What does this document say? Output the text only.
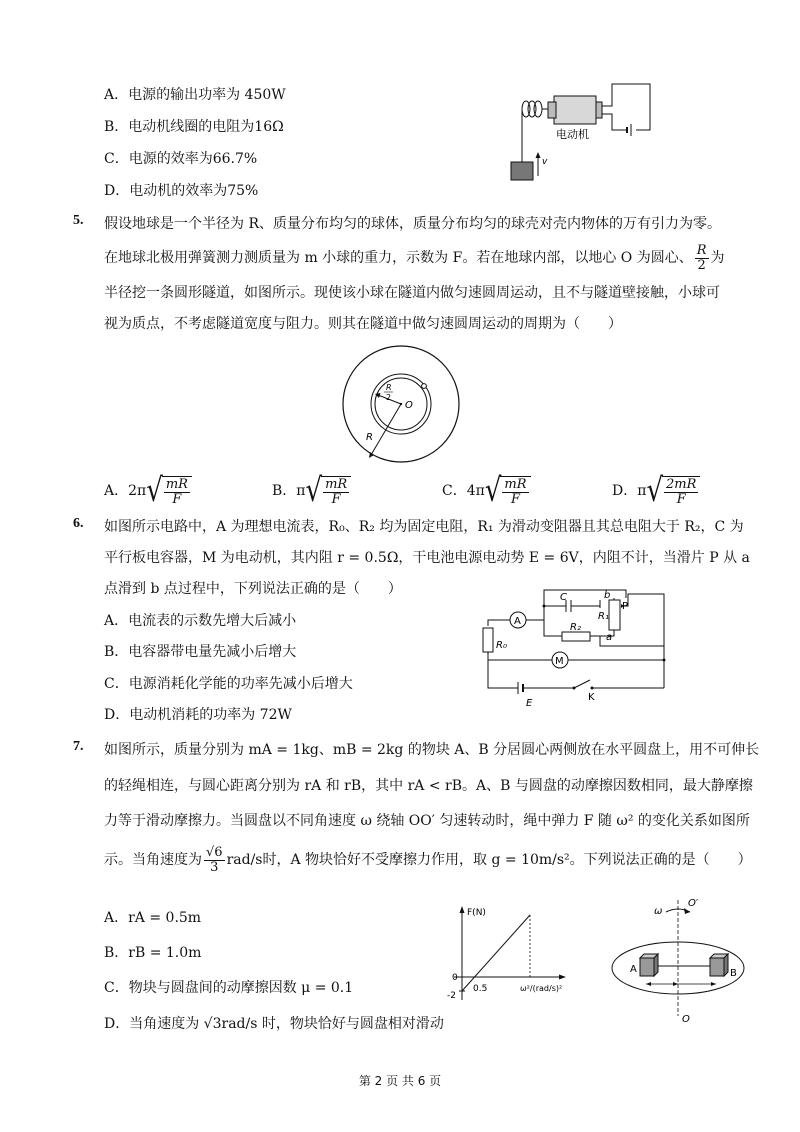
A．电源的输出功率为 450W
B．电动机线圈的电阻为16Ω
C．电源的效率为66.7%
D．电动机的效率为75%
v
电动机
5. 假设地球是一个半径为 R、质量分布均匀的球体，质量分布均匀的球壳对壳内物体的万有引力为零。
在地球北极用弹簧测力测质量为 m 小球的重力，示数为 F。若在地球内部，以地心 O 为圆心、 $\frac{R}{2}$ 为
半径挖一条圆形隧道，如图所示。现使该小球在隧道内做匀速圆周运动，且不与隧道壁接触，小球可
视为质点，不考虑隧道宽度与阻力。则其在隧道中做匀速圆周运动的周期为（　　）
O
R
2
R
A．2π √ $\frac{mR}{F}$	B．π √ $\frac{mR}{F}$	C．4π √ $\frac{mR}{F}$	D．π √ $\frac{2mR}{F}$
6. 如图所示电路中，A 为理想电流表，R₀、R₂ 均为固定电阻，R₁ 为滑动变阻器且其总电阻大于 R₂，C 为
平行板电容器，M 为电动机，其内阻 r = 0.5Ω，干电池电源电动势 E = 6V，内阻不计，当滑片 P 从 a
点滑到 b 点过程中，下列说法正确的是（　　）
A．电流表的示数先增大后减小
B．电容器带电量先减小后增大
C．电源消耗化学能的功率先减小后增大
D．电动机消耗的功率为 72W
C	b
P
R₁
a
A
R₂
R₀
M
E
K
7. 如图所示，质量分别为 mA = 1kg、mB = 2kg 的物块 A、B 分居圆心两侧放在水平圆盘上，用不可伸长
的轻绳相连，与圆心距离分别为 rA 和 rB，其中 rA < rB。A、B 与圆盘的动摩擦因数相同，最大静摩擦
力等于滑动摩擦力。当圆盘以不同角速度 ω 绕轴 OO′ 匀速转动时，绳中弹力 F 随 ω² 的变化关系如图所
示。当角速度为 $\frac{√6}{3} rad/s$时，A 物块恰好不受摩擦力作用，取 g = 10m/s²。下列说法正确的是（　　）
A．rA = 0.5m
B．rB = 1.0m
C．物块与圆盘间的动摩擦因数 μ = 0.1
D．当角速度为 √3rad/s 时，物块恰好与圆盘相对滑动
F(N)
ω²/(rad/s)²
0
0.5
-2
ω
O′
O
A	B
第 2 页 共 6 页
